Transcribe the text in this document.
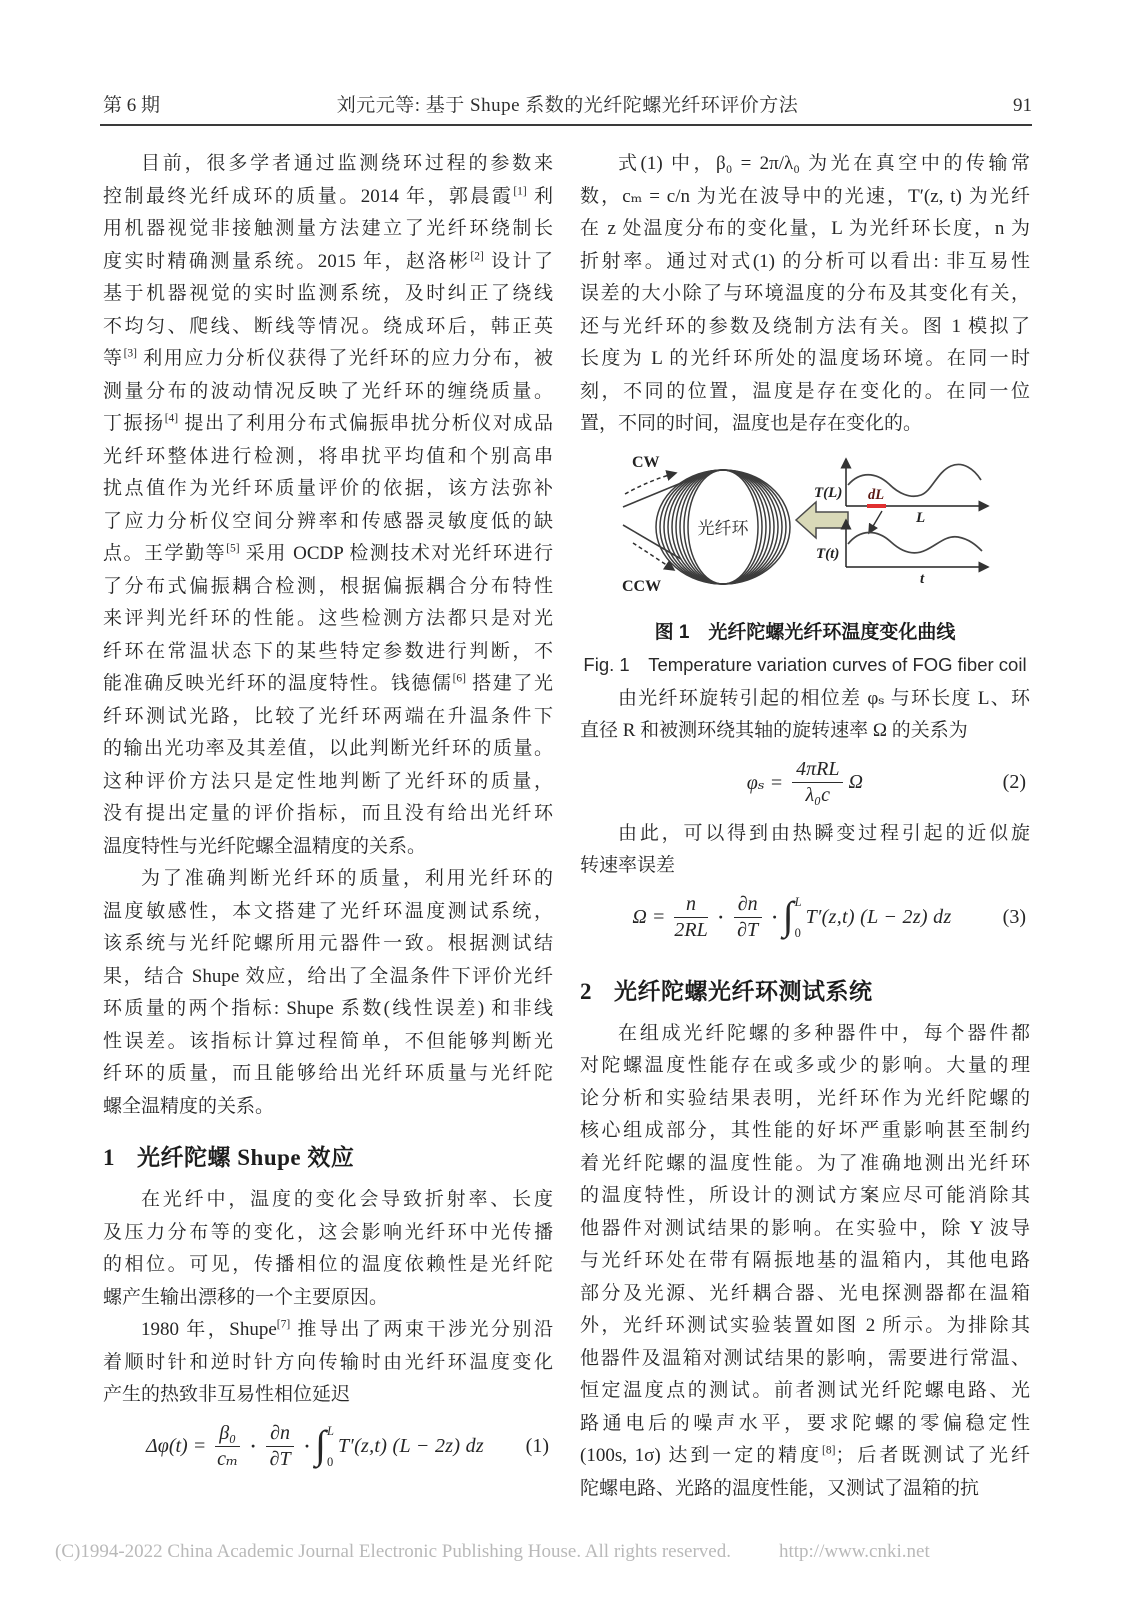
第 6 期	刘元元等: 基于 Shupe 系数的光纤陀螺光纤环评价方法	91
目前，很多学者通过监测绕环过程的参数来
控制最终光纤成环的质量。2014 年，郭晨霞[1] 利
用机器视觉非接触测量方法建立了光纤环绕制长
度实时精确测量系统。2015 年，赵洛彬[2] 设计了
基于机器视觉的实时监测系统，及时纠正了绕线
不均匀、爬线、断线等情况。绕成环后，韩正英
等[3] 利用应力分析仪获得了光纤环的应力分布，被
测量分布的波动情况反映了光纤环的缠绕质量。
丁振扬[4] 提出了利用分布式偏振串扰分析仪对成品
光纤环整体进行检测，将串扰平均值和个别高串
扰点值作为光纤环质量评价的依据，该方法弥补
了应力分析仪空间分辨率和传感器灵敏度低的缺
点。王学勤等[5] 采用 OCDP 检测技术对光纤环进行
了分布式偏振耦合检测，根据偏振耦合分布特性
来评判光纤环的性能。这些检测方法都只是对光
纤环在常温状态下的某些特定参数进行判断，不
能准确反映光纤环的温度特性。钱德儒[6] 搭建了光
纤环测试光路，比较了光纤环两端在升温条件下
的输出光功率及其差值，以此判断光纤环的质量。
这种评价方法只是定性地判断了光纤环的质量，
没有提出定量的评价指标，而且没有给出光纤环
温度特性与光纤陀螺全温精度的关系。
为了准确判断光纤环的质量，利用光纤环的
温度敏感性，本文搭建了光纤环温度测试系统，
该系统与光纤陀螺所用元器件一致。根据测试结
果，结合 Shupe 效应，给出了全温条件下评价光纤
环质量的两个指标: Shupe 系数(线性误差) 和非线
性误差。该指标计算过程简单，不但能够判断光
纤环的质量，而且能够给出光纤环质量与光纤陀
螺全温精度的关系。
1 光纤陀螺 Shupe 效应
在光纤中，温度的变化会导致折射率、长度
及压力分布等的变化，这会影响光纤环中光传播
的相位。可见，传播相位的温度依赖性是光纤陀
螺产生输出漂移的一个主要原因。
1980 年，Shupe[7] 推导出了两束干涉光分别沿
着顺时针和逆时针方向传输时由光纤环温度变化
产生的热致非互易性相位延迟
$\Delta\varphi(t) = \frac{\text{β₀}}{\text{cₘ}} \cdot \frac{\partial n}{\partial T}$ · ∫ L
0
T′(z,t) (L − 2z) dz (1)
式(1) 中，β₀ = 2π/λ₀ 为光在真空中的传输常
数，cₘ = c/n 为光在波导中的光速，T′(z, t) 为光纤
在 z 处温度分布的变化量，L 为光纤环长度，n 为
折射率。通过对式(1) 的分析可以看出: 非互易性
误差的大小除了与环境温度的分布及其变化有关，
还与光纤环的参数及绕制方法有关。图 1 模拟了
长度为 L 的光纤环所处的温度场环境。在同一时
刻，不同的位置，温度是存在变化的。在同一位
置，不同的时间，温度也是存在变化的。
光纤环
CW
CCW
T(L) dL
L
T(t)
t
图 1　光纤陀螺光纤环温度变化曲线
Fig. 1　Temperature variation curves of FOG fiber coil
由光纤环旋转引起的相位差 φₛ 与环长度 L、环
直径 R 和被测环绕其轴的旋转速率 Ω 的关系为
$\varphi_s = \frac{\text{4πRL}}{\text{λ₀c}}$ Ω	(2)
由此，可以得到由热瞬变过程引起的近似旋
转速率误差
$\Omega = \frac{n}{2RL} \cdot \frac{\partial n}{\partial T}$ · ∫ L
0
T′(z,t) (L − 2z) dz	(3)
2 光纤陀螺光纤环测试系统
在组成光纤陀螺的多种器件中，每个器件都
对陀螺温度性能存在或多或少的影响。大量的理
论分析和实验结果表明，光纤环作为光纤陀螺的
核心组成部分，其性能的好坏严重影响甚至制约
着光纤陀螺的温度性能。为了准确地测出光纤环
的温度特性，所设计的测试方案应尽可能消除其
他器件对测试结果的影响。在实验中，除 Y 波导
与光纤环处在带有隔振地基的温箱内，其他电路
部分及光源、光纤耦合器、光电探测器都在温箱
外，光纤环测试实验装置如图 2 所示。为排除其
他器件及温箱对测试结果的影响，需要进行常温、
恒定温度点的测试。前者测试光纤陀螺电路、光
路通电后的噪声水平，要求陀螺的零偏稳定性
(100s, 1σ) 达到一定的精度[8]；后者既测试了光纤
陀螺电路、光路的温度性能，又测试了温箱的抗
(C)1994-2022 China Academic Journal Electronic Publishing House. All rights reserved.	http://www.cnki.net
